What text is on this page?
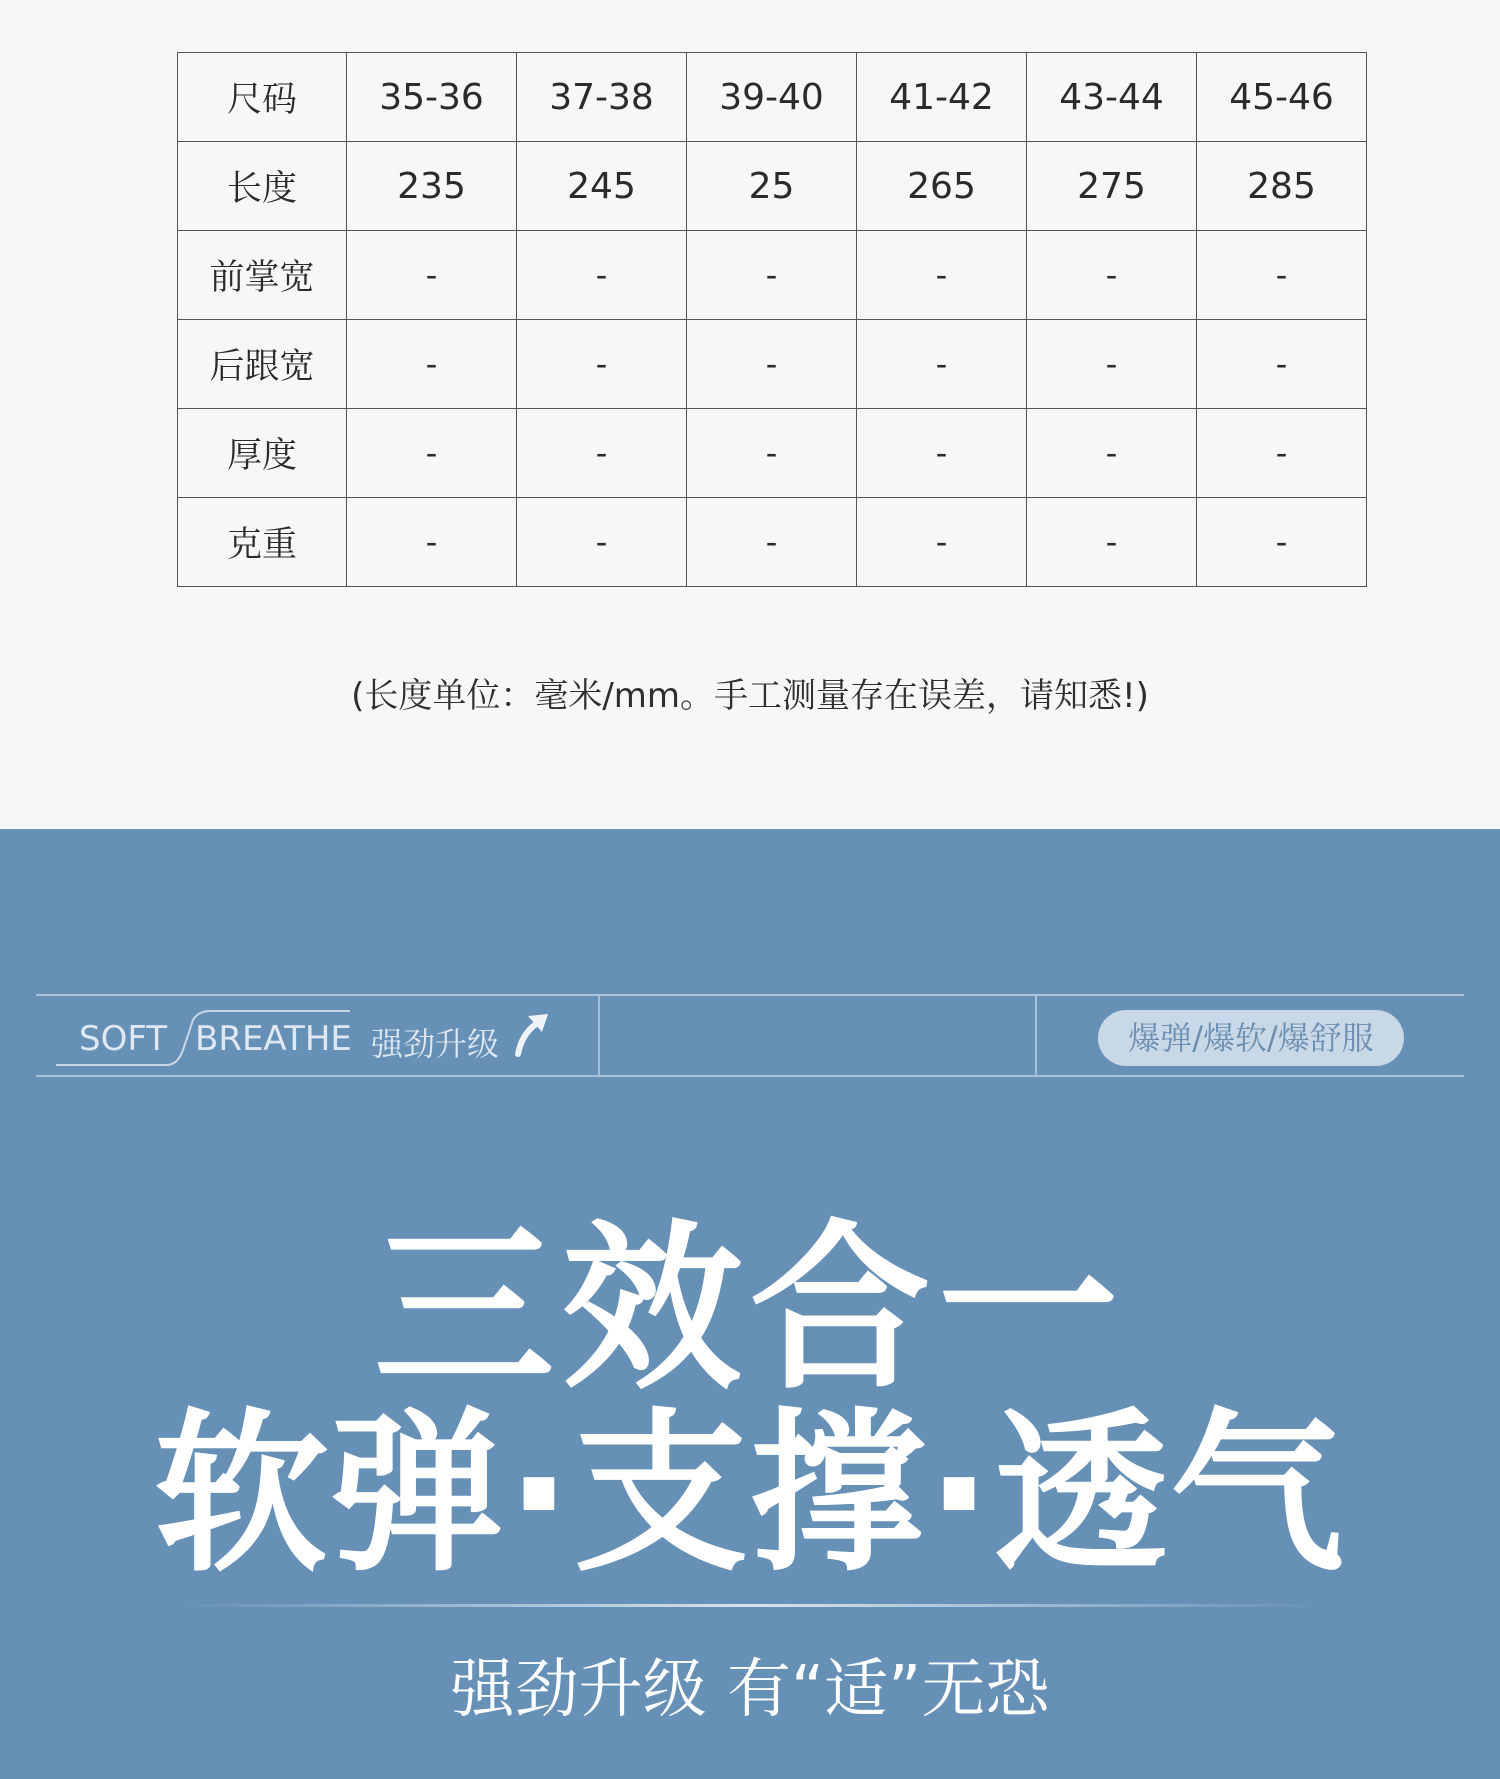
尺码	35-36	37-38	39-40	41-42	43-44	45-46
长度	235	245	25	265	275	285
前掌宽	-	-	-	-	-	-
后跟宽	-	-	-	-	-	-
厚度	-	-	-	-	-	-
克重	-	-	-	-	-	-
(长度单位：毫米/mm。手工测量存在误差，请知悉!)
SOFT BREATHE 强劲升级	爆弹/爆软/爆舒服
三效合一
软弹·支撑·透气
强劲升级 有“适”无恐
